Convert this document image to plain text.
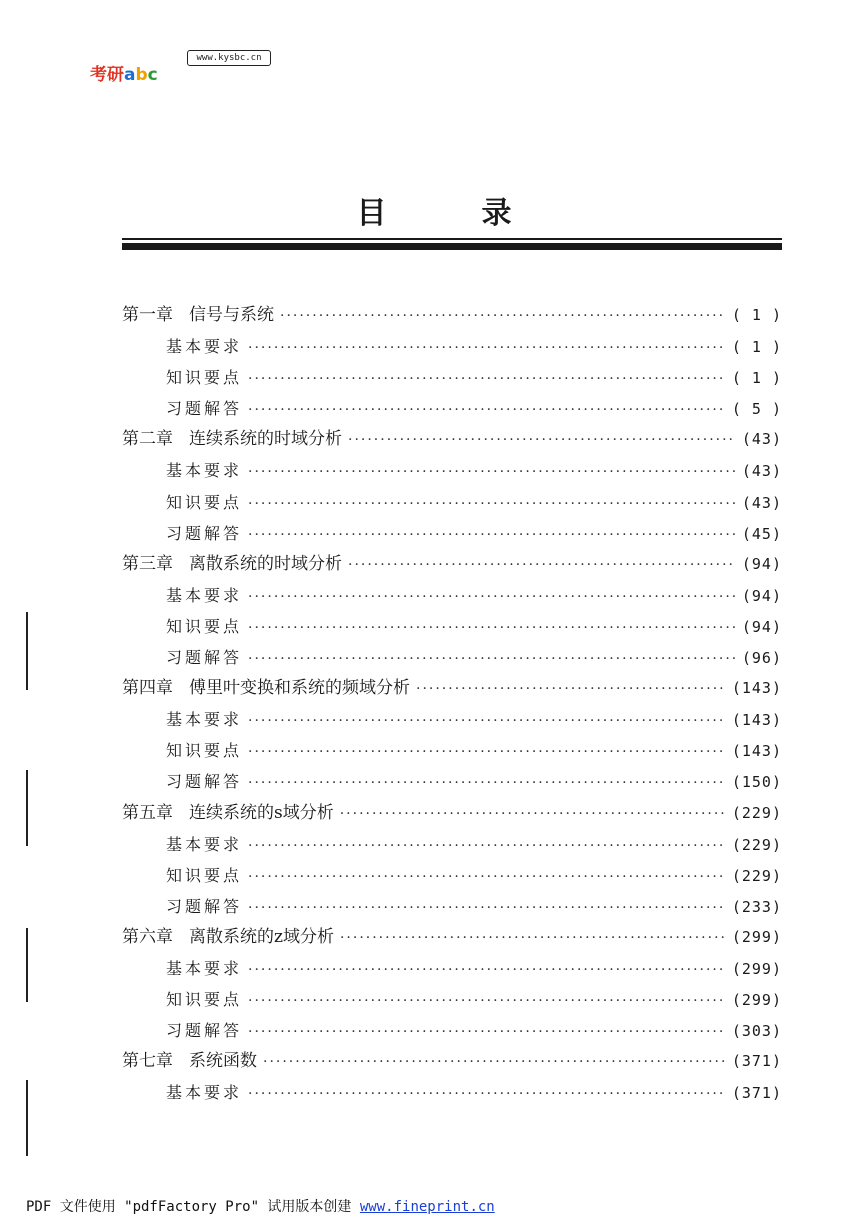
考研abc
www.kysbc.cn
目录
第一章 信号与系统 ·····	( 1 )
基本要求 ·····	( 1 )
知识要点 ·····	( 1 )
习题解答 ·····	( 5 )
第二章 连续系统的时域分析 ·····	(43)
基本要求 ·····	(43)
知识要点 ·····	(43)
习题解答 ·····	(45)
第三章 离散系统的时域分析 ·····	(94)
基本要求 ·····	(94)
知识要点 ·····	(94)
习题解答 ·····	(96)
第四章 傅里叶变换和系统的频域分析 ·····	(143)
基本要求 ·····	(143)
知识要点 ·····	(143)
习题解答 ·····	(150)
第五章 连续系统的s域分析 ·····	(229)
基本要求 ·····	(229)
知识要点 ·····	(229)
习题解答 ·····	(233)
第六章 离散系统的z域分析 ·····	(299)
基本要求 ·····	(299)
知识要点 ·····	(299)
习题解答 ·····	(303)
第七章 系统函数 ·····	(371)
基本要求 ·····	(371)
PDF 文件使用 "pdfFactory Pro" 试用版本创建 www.fineprint.cn
